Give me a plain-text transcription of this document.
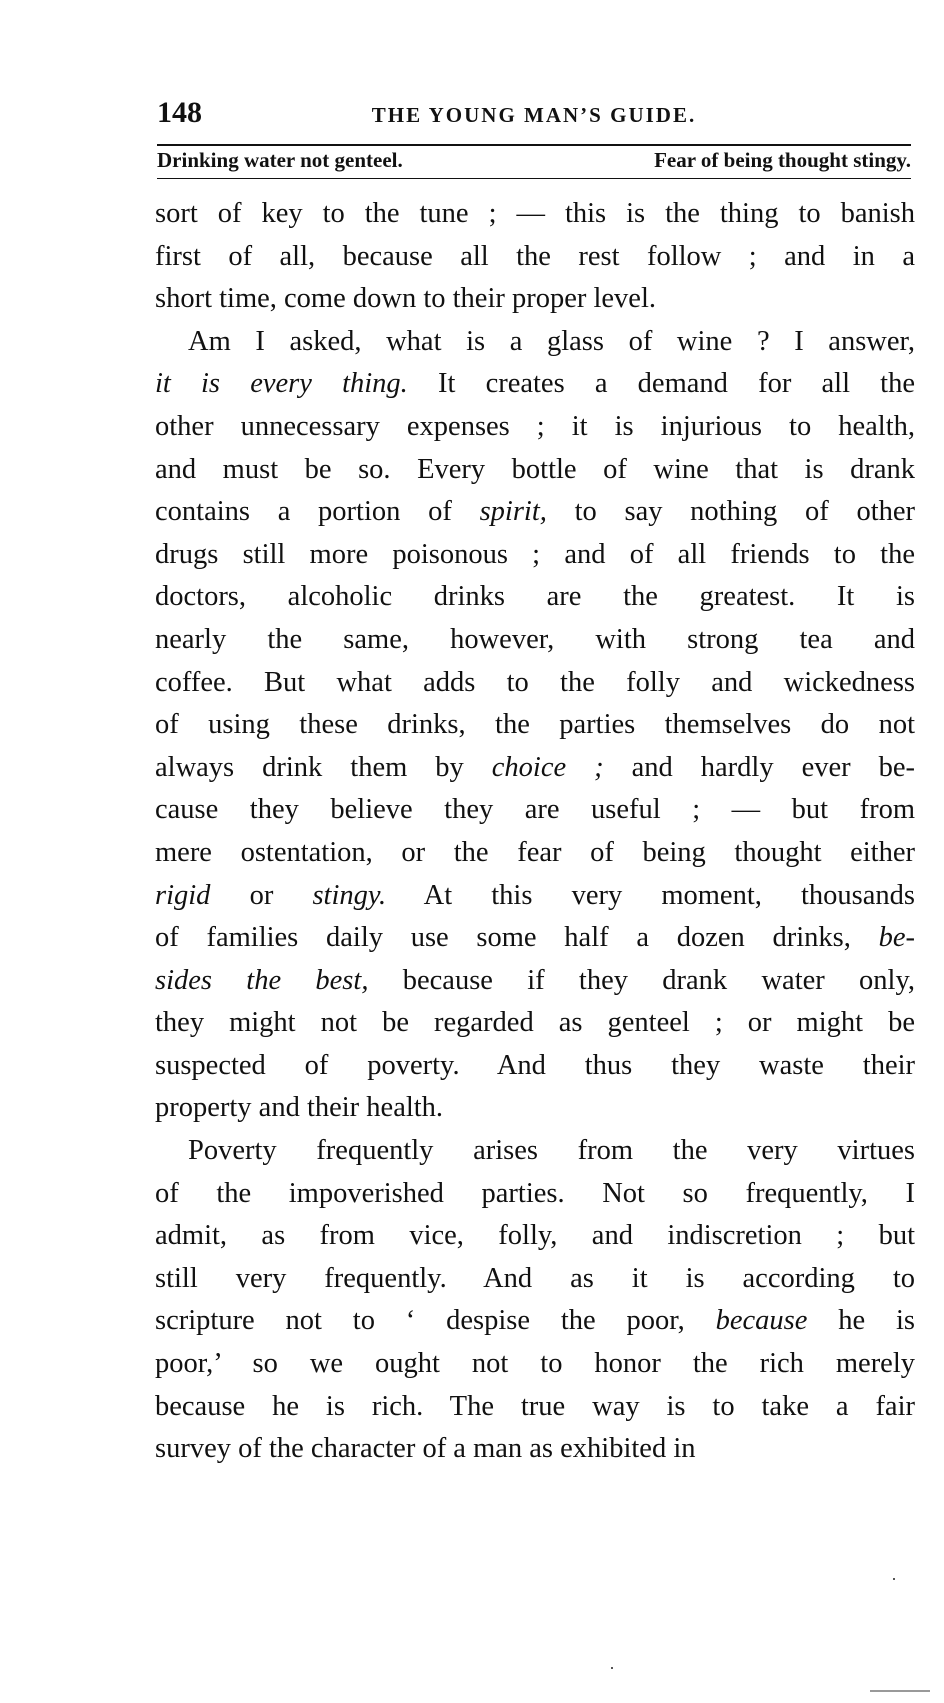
148	THE YOUNG MAN’S GUIDE.
Drinking water not genteel.	Fear of being thought stingy.
sort of key to the tune ; — this is the thing to banish
first of all, because all the rest follow ; and in a
short time, come down to their proper level.
Am I asked, what is a glass of wine ? I answer,
it is every thing. It creates a demand for all the
other unnecessary expenses ; it is injurious to health,
and must be so. Every bottle of wine that is drank
contains a portion of spirit, to say nothing of other
drugs still more poisonous ; and of all friends to the
doctors, alcoholic drinks are the greatest. It is
nearly the same, however, with strong tea and
coffee. But what adds to the folly and wickedness
of using these drinks, the parties themselves do not
always drink them by choice ; and hardly ever be-
cause they believe they are useful ; — but from
mere ostentation, or the fear of being thought either
rigid or stingy. At this very moment, thousands
of families daily use some half a dozen drinks, be-
sides the best, because if they drank water only,
they might not be regarded as genteel ; or might be
suspected of poverty. And thus they waste their
property and their health.
Poverty frequently arises from the very virtues
of the impoverished parties. Not so frequently, I
admit, as from vice, folly, and indiscretion ; but
still very frequently. And as it is according to
scripture not to ‘ despise the poor, because he is
poor,’ so we ought not to honor the rich merely
because he is rich. The true way is to take a fair
survey of the character of a man as exhibited in
